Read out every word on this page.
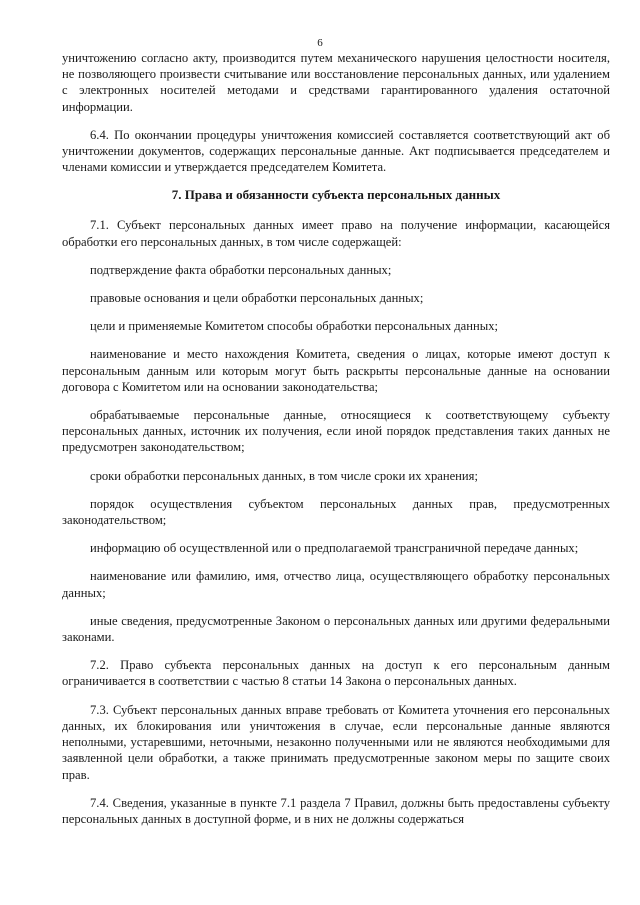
6

уничтожению согласно акту, производится путем механического нарушения целостности носителя, не позволяющего произвести считывание или восстановление персональных данных, или удалением с электронных носителей методами и средствами гарантированного удаления остаточной информации.

6.4. По окончании процедуры уничтожения комиссией составляется соответствующий акт об уничтожении документов, содержащих персональные данные. Акт подписывается председателем и членами комиссии и утверждается председателем Комитета.

7. Права и обязанности субъекта персональных данных

7.1. Субъект персональных данных имеет право на получение информации, касающейся обработки его персональных данных, в том числе содержащей:

подтверждение факта обработки персональных данных;

правовые основания и цели обработки персональных данных;

цели и применяемые Комитетом способы обработки персональных данных;

наименование и место нахождения Комитета, сведения о лицах, которые имеют доступ к персональным данным или которым могут быть раскрыты персональные данные на основании договора с Комитетом или на основании законодательства;

обрабатываемые персональные данные, относящиеся к соответствующему субъекту персональных данных, источник их получения, если иной порядок представления таких данных не предусмотрен законодательством;

сроки обработки персональных данных, в том числе сроки их хранения;

порядок осуществления субъектом персональных данных прав, предусмотренных законодательством;

информацию об осуществленной или о предполагаемой трансграничной передаче данных;

наименование или фамилию, имя, отчество лица, осуществляющего обработку персональных данных;

иные сведения, предусмотренные Законом о персональных данных или другими федеральными законами.

7.2. Право субъекта персональных данных на доступ к его персональным данным ограничивается в соответствии с частью 8 статьи 14 Закона о персональных данных.

7.3. Субъект персональных данных вправе требовать от Комитета уточнения его персональных данных, их блокирования или уничтожения в случае, если персональные данные являются неполными, устаревшими, неточными, незаконно полученными или не являются необходимыми для заявленной цели обработки, а также принимать предусмотренные законом меры по защите своих прав.

7.4. Сведения, указанные в пункте 7.1 раздела 7 Правил, должны быть предоставлены субъекту персональных данных в доступной форме, и в них не должны содержаться
